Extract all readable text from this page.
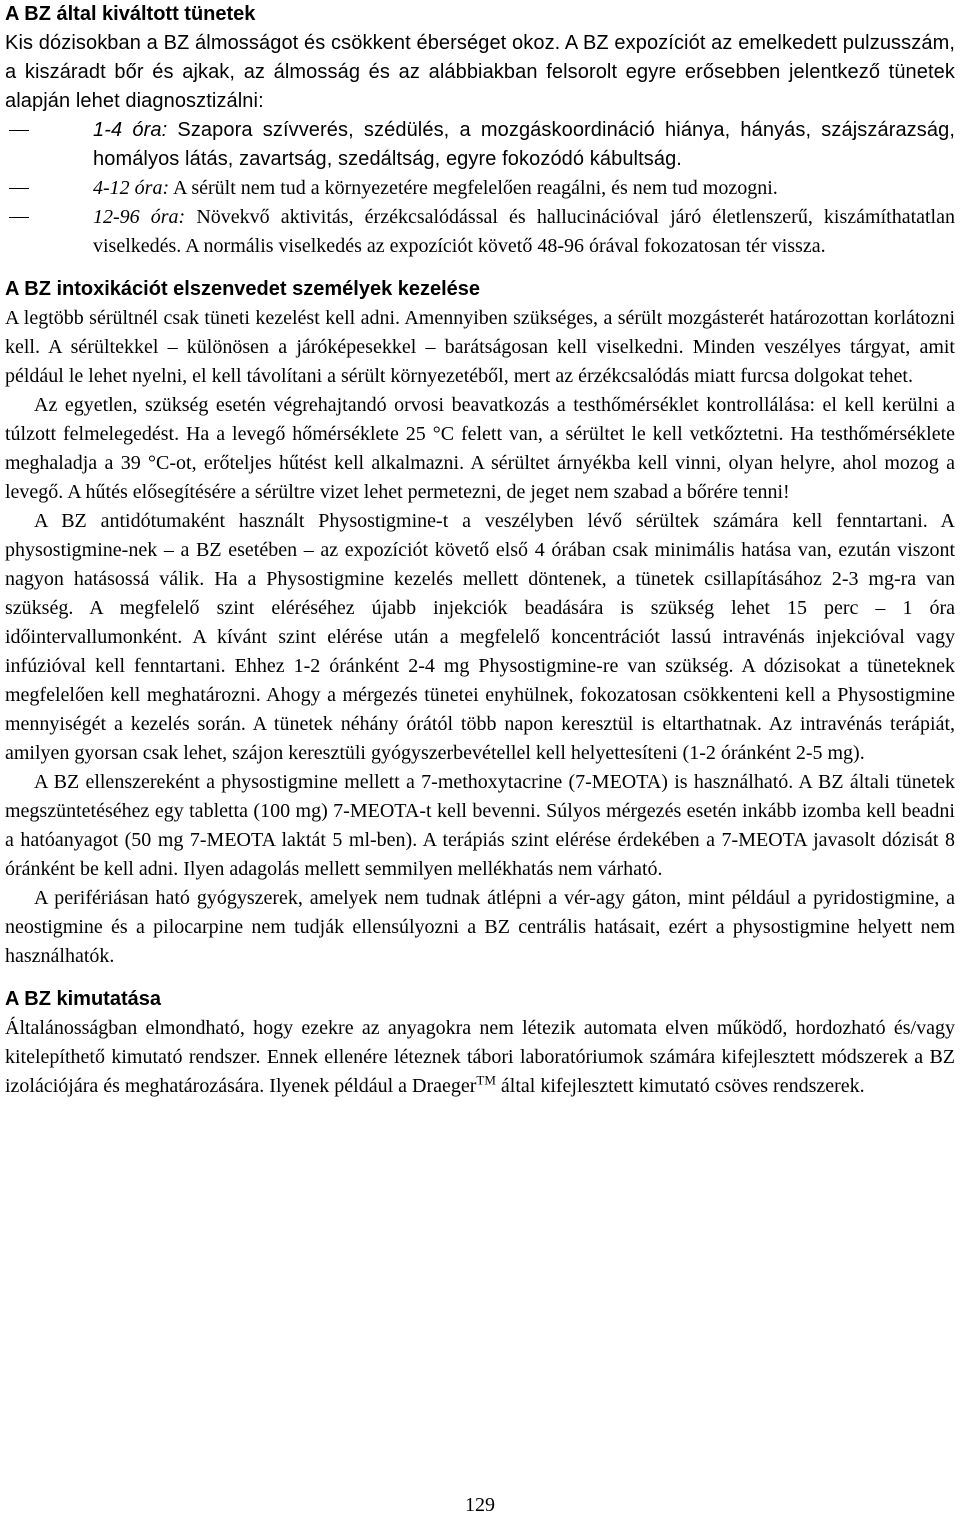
A BZ által kiváltott tünetek

Kis dózisokban a BZ álmosságot és csökkent éberséget okoz. A BZ expozíciót az emelkedett pulzusszám, a kiszáradt bőr és ajkak, az álmosság és az alábbiakban felsorolt egyre erősebben jelentkező tünetek alapján lehet diagnosztizálni:

1-4 óra: Szapora szívverés, szédülés, a mozgáskoordináció hiánya, hányás, szájszárazság, homályos látás, zavartság, szedáltság, egyre fokozódó kábultság.
4-12 óra: A sérült nem tud a környezetére megfelelően reagálni, és nem tud mozogni.
12-96 óra: Növekvő aktivitás, érzékcsalódással és hallucinációval járó életlenszerű, kiszámíthatatlan viselkedés. A normális viselkedés az expozíciót követő 48-96 órával fokozatosan tér vissza.
A BZ intoxikációt elszenvedet személyek kezelése

A legtöbb sérültnél csak tüneti kezelést kell adni. Amennyiben szükséges, a sérült mozgásterét határozottan korlátozni kell. A sérültekkel ‒ különösen a járóképesekkel ‒ barátságosan kell viselkedni. Minden veszélyes tárgyat, amit például le lehet nyelni, el kell távolítani a sérült környezetéből, mert az érzékcsalódás miatt furcsa dolgokat tehet.

Az egyetlen, szükség esetén végrehajtandó orvosi beavatkozás a testhőmérséklet kontrollálása: el kell kerülni a túlzott felmelegedést. Ha a levegő hőmérséklete 25 °C felett van, a sérültet le kell vetkőztetni. Ha testhőmérséklete meghaladja a 39 °C-ot, erőteljes hűtést kell alkalmazni. A sérültet árnyékba kell vinni, olyan helyre, ahol mozog a levegő. A hűtés elősegítésére a sérültre vizet lehet permetezni, de jeget nem szabad a bőrére tenni!

A BZ antidótumaként használt Physostigmine-t a veszélyben lévő sérültek számára kell fenntartani. A physostigmine-nek ‒ a BZ esetében ‒ az expozíciót követő első 4 órában csak minimális hatása van, ezután viszont nagyon hatásossá válik. Ha a Physostigmine kezelés mellett döntenek, a tünetek csillapításához 2-3 mg-ra van szükség. A megfelelő szint eléréséhez újabb injekciók beadására is szükség lehet 15 perc ‒ 1 óra időintervallumonként. A kívánt szint elérése után a megfelelő koncentrációt lassú intravénás injekcióval vagy infúzióval kell fenntartani. Ehhez 1-2 óránként 2-4 mg Physostigmine-re van szükség. A dózisokat a tüneteknek megfelelően kell meghatározni. Ahogy a mérgezés tünetei enyhülnek, fokozatosan csökkenteni kell a Physostigmine mennyiségét a kezelés során. A tünetek néhány órától több napon keresztül is eltarthatnak. Az intravénás terápiát, amilyen gyorsan csak lehet, szájon keresztüli gyógyszerbevétellel kell helyettesíteni (1-2 óránként 2-5 mg).

A BZ ellenszereként a physostigmine mellett a 7-methoxytacrine (7-MEOTA) is használható. A BZ általi tünetek megszüntetéséhez egy tabletta (100 mg) 7-MEOTA-t kell bevenni. Súlyos mérgezés esetén inkább izomba kell beadni a hatóanyagot (50 mg 7-MEOTA laktát 5 ml-ben). A terápiás szint elérése érdekében a 7-MEOTA javasolt dózisát 8 óránként be kell adni. Ilyen adagolás mellett semmilyen mellékhatás nem várható.

A perifériásan ható gyógyszerek, amelyek nem tudnak átlépni a vér-agy gáton, mint például a pyridostigmine, a neostigmine és a pilocarpine nem tudják ellensúlyozni a BZ centrális hatásait, ezért a physostigmine helyett nem használhatók.

A BZ kimutatása

Általánosságban elmondható, hogy ezekre az anyagokra nem létezik automata elven működő, hordozható és/vagy kitelepíthető kimutató rendszer. Ennek ellenére léteznek tábori laboratóriumok számára kifejlesztett módszerek a BZ izolációjára és meghatározására. Ilyenek például a Draeger™ által kifejlesztett kimutató csöves rendszerek.

129
